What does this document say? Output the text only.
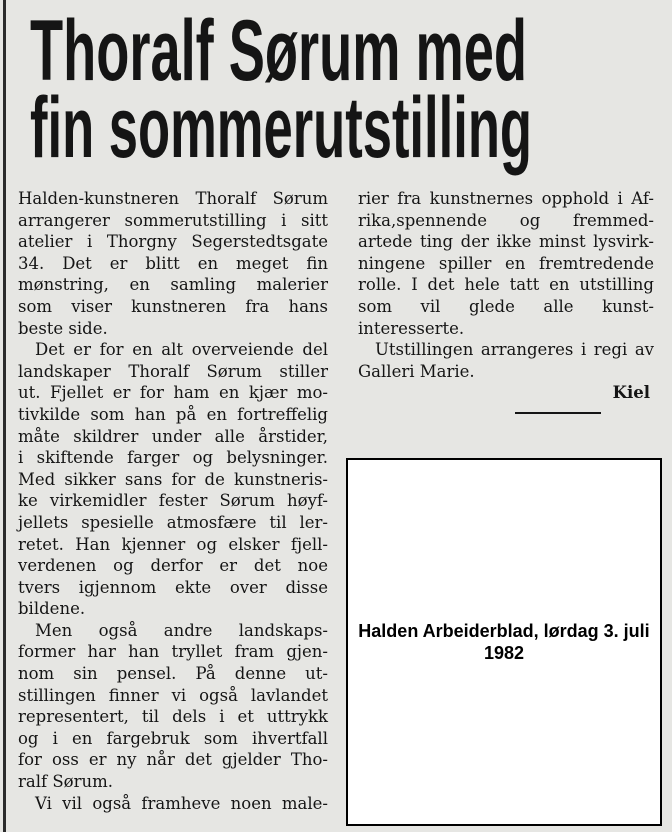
Thoralf Sørum med
fin sommerutstilling
Halden-kunstneren Thoralf Sørum
arrangerer sommerutstilling i sitt
atelier i Thorgny Segerstedtsgate
34. Det er blitt en meget fin
mønstring, en samling malerier
som viser kunstneren fra hans
beste side.
Det er for en alt overveiende del
landskaper Thoralf Sørum stiller
ut. Fjellet er for ham en kjær mo-
tivkilde som han på en fortreffelig
måte skildrer under alle årstider,
i skiftende farger og belysninger.
Med sikker sans for de kunstneris-
ke virkemidler fester Sørum høyf-
jellets spesielle atmosfære til ler-
retet. Han kjenner og elsker fjell-
verdenen og derfor er det noe
tvers igjennom ekte over disse
bildene.
Men også andre landskaps-
former har han tryllet fram gjen-
nom sin pensel. På denne ut-
stillingen finner vi også lavlandet
representert, til dels i et uttrykk
og i en fargebruk som ihvertfall
for oss er ny når det gjelder Tho-
ralf Sørum.
Vi vil også framheve noen male-
rier fra kunstnernes opphold i Af-
rika,spennende og fremmed-
artede ting der ikke minst lysvirk-
ningene spiller en fremtredende
rolle. I det hele tatt en utstilling
som vil glede alle kunst-
interesserte.
Utstillingen arrangeres i regi av
Galleri Marie.
Kiel
Halden Arbeiderblad, lørdag 3. juli 1982
